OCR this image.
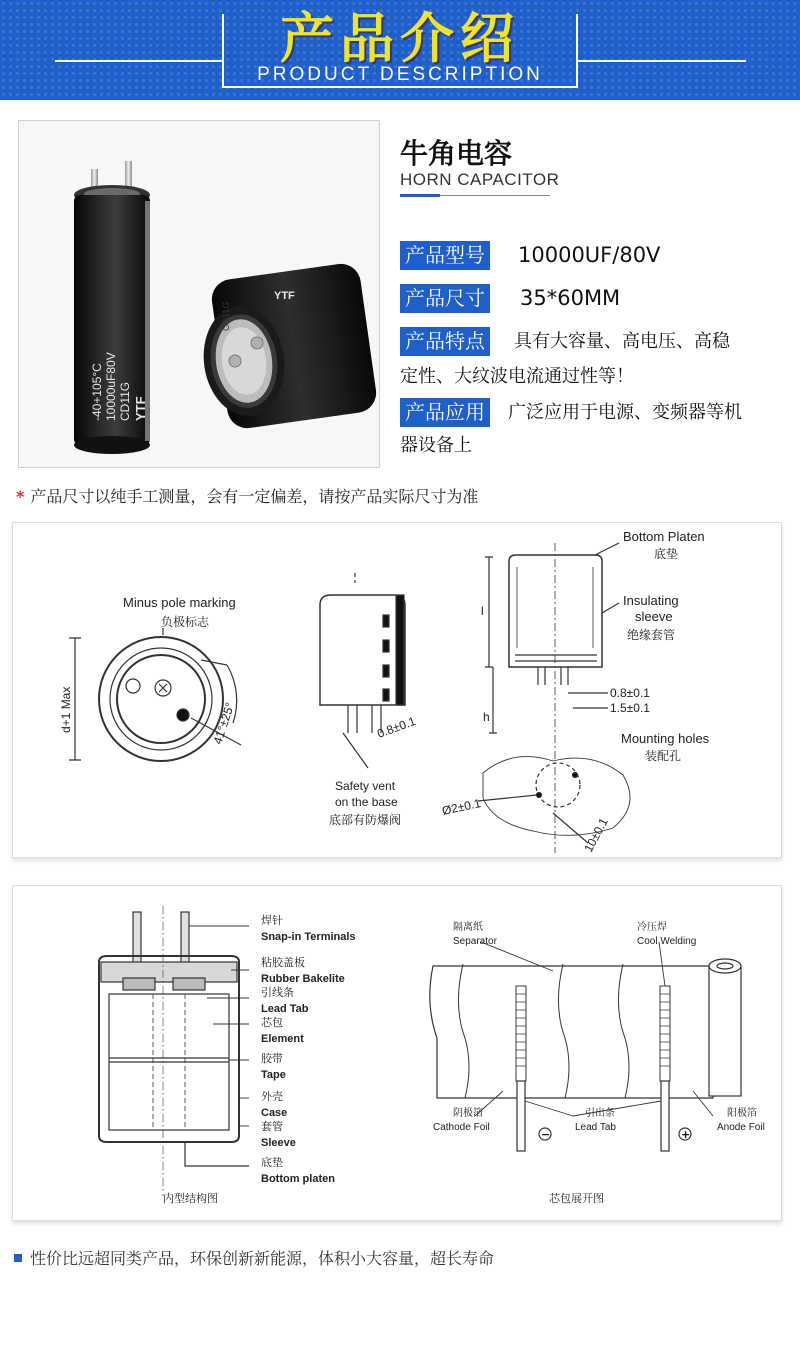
产品介绍
PRODUCT DESCRIPTION
-40+105°C 10000uF80V CD11G YTF
CD11G
YTF
牛角电容
HORN CAPACITOR
产品型号 10000UF/80V
产品尺寸 35*60MM
产品特点 具有大容量、高电压、高稳
定性、大纹波电流通过性等！
产品应用 广泛应用于电源、变频器等机
器设备上
* 产品尺寸以纯手工测量，会有一定偏差，请按产品实际尺寸为准
Minus pole marking
负极标志
d+1 Max	41°±25°	0.8±0.1
Safety vent
on the base
底部有防爆阀
l
h
Bottom Platen
底垫
Insulating
sleeve
绝缘套管
0.8±0.1
1.5±0.1
Mounting holes
装配孔
Ø2±0.1
10±0.1
焊针
Snap-in Terminals
粘胶盖板
Rubber Bakelite
引线条
Lead Tab
芯包
Element
胶带
Tape
外壳
Case
套管
Sleeve
底垫
Bottom platen
内型结构图
隔离纸
Separator
冷压焊
Cool Welding
阴极箔
Cathode Foil
引出条
Lead Tab
阳极箔
Anode Foil
芯包展开图
−	+
性价比远超同类产品，环保创新新能源，体积小大容量，超长寿命
